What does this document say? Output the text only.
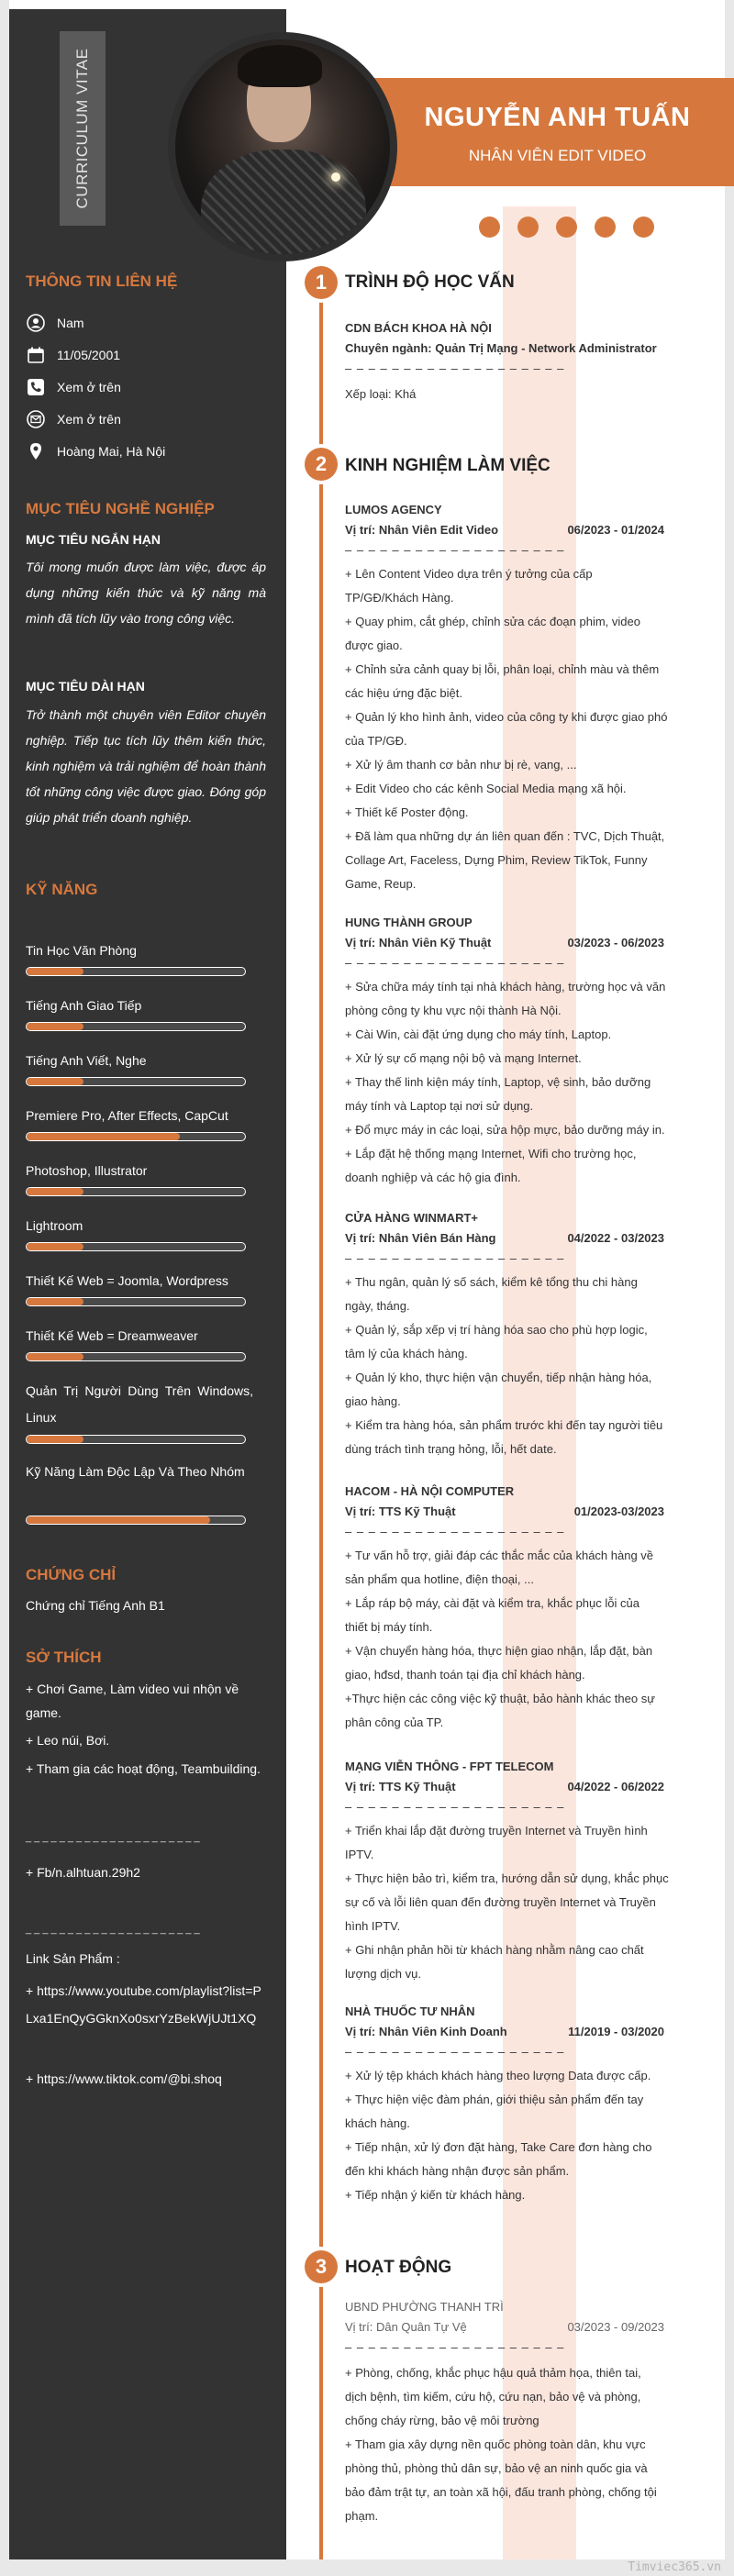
CURRICULUM VITAE
THÔNG TIN LIÊN HỆ
Nam
11/05/2001
Xem ở trên
Xem ở trên
Hoàng Mai, Hà Nội
MỤC TIÊU NGHỀ NGHIỆP
MỤC TIÊU NGẮN HẠN
Tôi mong muốn được làm việc, được áp dụng những kiến thức và kỹ năng mà mình đã tích lũy vào trong công việc.
MỤC TIÊU DÀI HẠN
Trở thành một chuyên viên Editor chuyên nghiệp. Tiếp tục tích lũy thêm kiến thức, kinh nghiệm và trải nghiệm để hoàn thành tốt những công việc được giao. Đóng góp giúp phát triển doanh nghiệp.
KỸ NĂNG
Tin Học Văn Phòng
Tiếng Anh Giao Tiếp
Tiếng Anh Viết, Nghe
Premiere Pro, After Effects, CapCut
Photoshop, Illustrator
Lightroom
Thiết Kế Web = Joomla, Wordpress
Thiết Kế Web = Dreamweaver
Quản Trị Người Dùng Trên Windows, Linux
Kỹ Năng Làm Độc Lập Và Theo Nhóm
CHỨNG CHỈ
Chứng chỉ Tiếng Anh B1
SỞ THÍCH
+ Chơi Game, Làm video vui nhộn về game.
+ Leo núi, Bơi.
+ Tham gia các hoạt động, Teambuilding.
_ _ _ _ _ _ _ _ _ _ _ _ _ _ _ _ _ _ _ _ _
+ Fb/n.alhtuan.29h2
_ _ _ _ _ _ _ _ _ _ _ _ _ _ _ _ _ _ _ _ _
Link Sản Phẩm :
+ https://www.youtube.com/playlist?list=PLxa1EnQyGGknXo0sxrYzBekWjUJt1XQ
+ https://www.tiktok.com/@bi.shoq
NGUYỄN ANH TUẤN
NHÂN VIÊN EDIT VIDEO
1	TRÌNH ĐỘ HỌC VẤN
CDN BÁCH KHOA HÀ NỘI
Chuyên ngành: Quản Trị Mạng - Network Administrator
– – – – – – – – – – – – – – – – – – –
Xếp loại: Khá
2	KINH NGHIỆM LÀM VIỆC
LUMOS AGENCY
Vị trí: Nhân Viên Edit Video	06/2023 - 01/2024
– – – – – – – – – – – – – – – – – – –
+ Lên Content Video dựa trên ý tưởng của cấp
TP/GĐ/Khách Hàng.
+ Quay phim, cắt ghép, chỉnh sửa các đoạn phim, video
được giao.
+ Chỉnh sửa cảnh quay bị lỗi, phân loại, chỉnh màu và thêm
các hiệu ứng đặc biệt.
+ Quản lý kho hình ảnh, video của công ty khi được giao phó
của TP/GĐ.
+ Xử lý âm thanh cơ bản như bị rè, vang, ...
+ Edit Video cho các kênh Social Media mạng xã hội.
+ Thiết kế Poster động.
+ Đã làm qua những dự án liên quan đến : TVC, Dịch Thuật,
Collage Art, Faceless, Dựng Phim, Review TikTok, Funny
Game, Reup.
HUNG THÀNH GROUP
Vị trí: Nhân Viên Kỹ Thuật	03/2023 - 06/2023
– – – – – – – – – – – – – – – – – – –
+ Sửa chữa máy tính tại nhà khách hàng, trường học và văn
phòng công ty khu vực nội thành Hà Nội.
+ Cài Win, cài đặt ứng dụng cho máy tính, Laptop.
+ Xử lý sự cố mạng nội bộ và mạng Internet.
+ Thay thế linh kiện máy tính, Laptop, vệ sinh, bảo dưỡng
máy tính và Laptop tại nơi sử dụng.
+ Đổ mực máy in các loại, sửa hộp mực, bảo dưỡng máy in.
+ Lắp đặt hệ thống mạng Internet, Wifi cho trường học,
doanh nghiệp và các hộ gia đình.
CỬA HÀNG WINMART+
Vị trí: Nhân Viên Bán Hàng	04/2022 - 03/2023
– – – – – – – – – – – – – – – – – – –
+ Thu ngân, quản lý số sách, kiểm kê tổng thu chi hàng
ngày, tháng.
+ Quản lý, sắp xếp vị trí hàng hóa sao cho phù hợp logic,
tâm lý của khách hàng.
+ Quản lý kho, thực hiện vận chuyển, tiếp nhận hàng hóa,
giao hàng.
+ Kiểm tra hàng hóa, sản phẩm trước khi đến tay người tiêu
dùng trách tình trạng hỏng, lỗi, hết date.
HACOM - HÀ NỘI COMPUTER
Vị trí: TTS Kỹ Thuật	01/2023-03/2023
– – – – – – – – – – – – – – – – – – –
+ Tư vấn hỗ trợ, giải đáp các thắc mắc của khách hàng về
sản phẩm qua hotline, điện thoại, ...
+ Lắp ráp bộ máy, cài đặt và kiểm tra, khắc phục lỗi của
thiết bị máy tính.
+ Vận chuyển hàng hóa, thực hiện giao nhận, lắp đặt, bàn
giao, hđsd, thanh toán tại địa chỉ khách hàng.
+Thực hiện các công việc kỹ thuật, bảo hành khác theo sự
phân công của TP.
MẠNG VIỄN THÔNG - FPT TELECOM
Vị trí: TTS Kỹ Thuật	04/2022 - 06/2022
– – – – – – – – – – – – – – – – – – –
+ Triển khai lắp đặt đường truyền Internet và Truyền hình
IPTV.
+ Thực hiện bảo trì, kiểm tra, hướng dẫn sử dụng, khắc phục
sự cố và lỗi liên quan đến đường truyền Internet và Truyền
hình IPTV.
+ Ghi nhận phản hồi từ khách hàng nhằm nâng cao chất
lượng dịch vụ.
NHÀ THUỐC TƯ NHÂN
Vị trí: Nhân Viên Kinh Doanh	11/2019 - 03/2020
– – – – – – – – – – – – – – – – – – –
+ Xử lý tệp khách khách hàng theo lượng Data được cấp.
+ Thực hiện việc đàm phán, giới thiệu sản phẩm đến tay
khách hàng.
+ Tiếp nhận, xử lý đơn đặt hàng, Take Care đơn hàng cho
đến khi khách hàng nhận được sản phẩm.
+ Tiếp nhận ý kiến từ khách hàng.
3	HOẠT ĐỘNG
UBND PHƯỜNG THANH TRÌ
Vị trí: Dân Quân Tự Vệ	03/2023 - 09/2023
– – – – – – – – – – – – – – – – – – –
+ Phòng, chống, khắc phục hậu quả thảm họa, thiên tai,
dịch bệnh, tìm kiếm, cứu hộ, cứu nạn, bảo vệ và phòng,
chống cháy rừng, bảo vệ môi trường
+ Tham gia xây dựng nền quốc phòng toàn dân, khu vực
phòng thủ, phòng thủ dân sự, bảo vệ an ninh quốc gia và
bảo đảm trật tự, an toàn xã hội, đấu tranh phòng, chống tội
phạm.
Timviec365.vn
